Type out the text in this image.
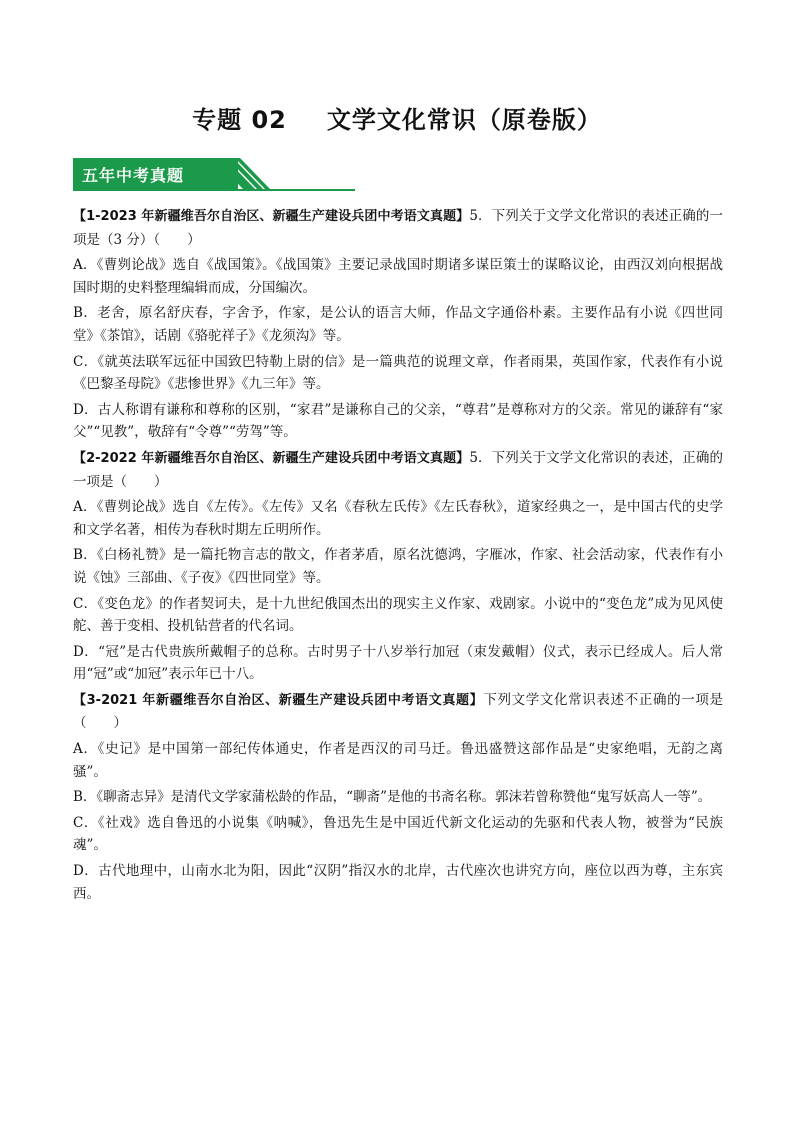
专题 02 文学文化常识（原卷版）
五年中考真题

【1-2023 年新疆维吾尔自治区、新疆生产建设兵团中考语文真题】5．下列关于文学文化常识的表述正确的一项是（3 分）（　　）

A．《曹刿论战》选自《战国策》。《战国策》主要记录战国时期诸多谋臣策士的谋略议论，由西汉刘向根据战国时期的史料整理编辑而成，分国编次。

B．老舍，原名舒庆春，字舍予，作家，是公认的语言大师，作品文字通俗朴素。主要作品有小说《四世同堂》《茶馆》，话剧《骆驼祥子》《龙须沟》等。

C．《就英法联军远征中国致巴特勒上尉的信》是一篇典范的说理文章，作者雨果，英国作家，代表作有小说《巴黎圣母院》《悲惨世界》《九三年》等。

D．古人称谓有谦称和尊称的区别，“家君”是谦称自己的父亲，“尊君”是尊称对方的父亲。常见的谦辞有“家父”“见教”，敬辞有“令尊”“劳驾”等。

【2-2022 年新疆维吾尔自治区、新疆生产建设兵团中考语文真题】5．下列关于文学文化常识的表述，正确的一项是（　　）

A．《曹刿论战》选自《左传》。《左传》又名《春秋左氏传》《左氏春秋》，道家经典之一，是中国古代的史学和文学名著，相传为春秋时期左丘明所作。

B．《白杨礼赞》是一篇托物言志的散文，作者茅盾，原名沈德鸿，字雁冰，作家、社会活动家，代表作有小说《蚀》三部曲、《子夜》《四世同堂》等。

C．《变色龙》的作者契诃夫，是十九世纪俄国杰出的现实主义作家、戏剧家。小说中的“变色龙”成为见风使舵、善于变相、投机钻营者的代名词。

D．“冠”是古代贵族所戴帽子的总称。古时男子十八岁举行加冠（束发戴帽）仪式，表示已经成人。后人常用“冠”或“加冠”表示年已十八。

【3-2021 年新疆维吾尔自治区、新疆生产建设兵团中考语文真题】下列文学文化常识表述不正确的一项是（　　）

A．《史记》是中国第一部纪传体通史，作者是西汉的司马迁。鲁迅盛赞这部作品是“史家绝唱，无韵之离骚”。

B．《聊斋志异》是清代文学家蒲松龄的作品，“聊斋”是他的书斋名称。郭沫若曾称赞他“鬼写妖高人一等”。

C．《社戏》选自鲁迅的小说集《呐喊》，鲁迅先生是中国近代新文化运动的先驱和代表人物，被誉为“民族魂”。

D．古代地理中，山南水北为阳，因此“汉阴”指汉水的北岸，古代座次也讲究方向，座位以西为尊，主东宾西。
